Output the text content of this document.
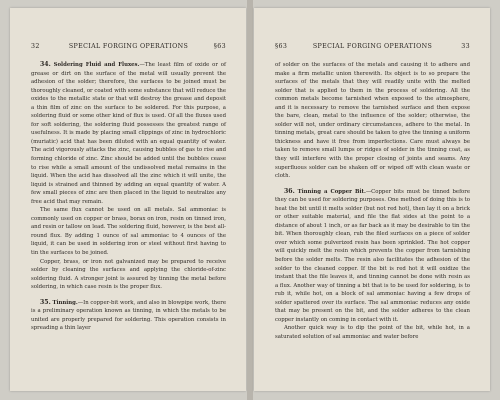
32	SPECIAL FORGING OPERATIONS	§63

34. Soldering Fluid and Fluxes.—The least film of oxide or of grease or dirt on the surface of the metal will usually prevent the adhesion of the solder; therefore, the surfaces to be joined must be thoroughly cleaned, or coated with some substance that will reduce the oxides to the metallic state or that will destroy the grease and deposit a thin film of zinc on the surface to be soldered. For this purpose, a soldering fluid or some other kind of flux is used. Of all the fluxes used for soft soldering, the soldering fluid possesses the greatest range of usefulness. It is made by placing small clippings of zinc in hydrochloric (muriatic) acid that has been diluted with an equal quantity of water. The acid vigorously attacks the zinc, causing bubbles of gas to rise and forming chloride of zinc. Zinc should be added until the bubbles cease to rise while a small amount of the undissolved metal remains in the liquid. When the acid has dissolved all the zinc which it will unite, the liquid is strained and thinned by adding an equal quantity of water. A few small pieces of zinc are then placed in the liquid to neutralize any free acid that may remain.

The same flux cannot be used on all metals. Sal ammoniac is commonly used on copper or brass, borax on iron, resin on tinned iron, and resin or tallow on lead. The soldering fluid, however, is the best all-round flux. By adding 1 ounce of sal ammoniac to 4 ounces of the liquid, it can be used in soldering iron or steel without first having to tin the surfaces to be joined.

Copper, brass, or iron not galvanized may be prepared to receive solder by cleaning the surfaces and applying the chloride-of-zinc soldering fluid. A stronger joint is assured by tinning the metal before soldering, in which case resin is the proper flux.

35. Tinning.—In copper-bit work, and also in blowpipe work, there is a preliminary operation known as tinning, in which the metals to be united are properly prepared for soldering. This operation consists in spreading a thin layer

§63	SPECIAL FORGING OPERATIONS	33

of solder on the surfaces of the metals and causing it to adhere and make a firm metallic union therewith. Its object is to so prepare the surfaces of the metals that they will readily unite with the melted solder that is applied to them in the process of soldering. All the common metals become tarnished when exposed to the atmosphere, and it is necessary to remove the tarnished surface and then expose the bare, clean, metal to the influence of the solder; otherwise, the solder will not, under ordinary circumstances, adhere to the metal. In tinning metals, great care should be taken to give the tinning a uniform thickness and have it free from imperfections. Care must always be taken to remove small lumps or ridges of solder in the tinning coat, as they will interfere with the proper closing of joints and seams. Any superfluous solder can be shaken off or wiped off with clean waste or cloth.

36. Tinning a Copper Bit.—Copper bits must be tinned before they can be used for soldering purposes. One method of doing this is to heat the bit until it melts solder (but not red hot), then lay it on a brick or other suitable material, and file the flat sides at the point to a distance of about 1 inch, or as far back as it may be desirable to tin the bit. When thoroughly clean, rub the filed surfaces on a piece of solder over which some pulverized resin has been sprinkled. The hot copper will quickly melt the resin which prevents the copper from tarnishing before the solder melts. The resin also facilitates the adhesion of the solder to the cleaned copper. If the bit is red hot it will oxidize the instant that the file leaves it, and tinning cannot be done with resin as a flux. Another way of tinning a bit that is to be used for soldering, is to rub it, while hot, on a block of sal ammoniac having a few drops of solder spattered over its surface. The sal ammoniac reduces any oxide that may be present on the bit, and the solder adheres to the clean copper instantly on coming in contact with it.

Another quick way is to dip the point of the bit, while hot, in a saturated solution of sal ammoniac and water before
